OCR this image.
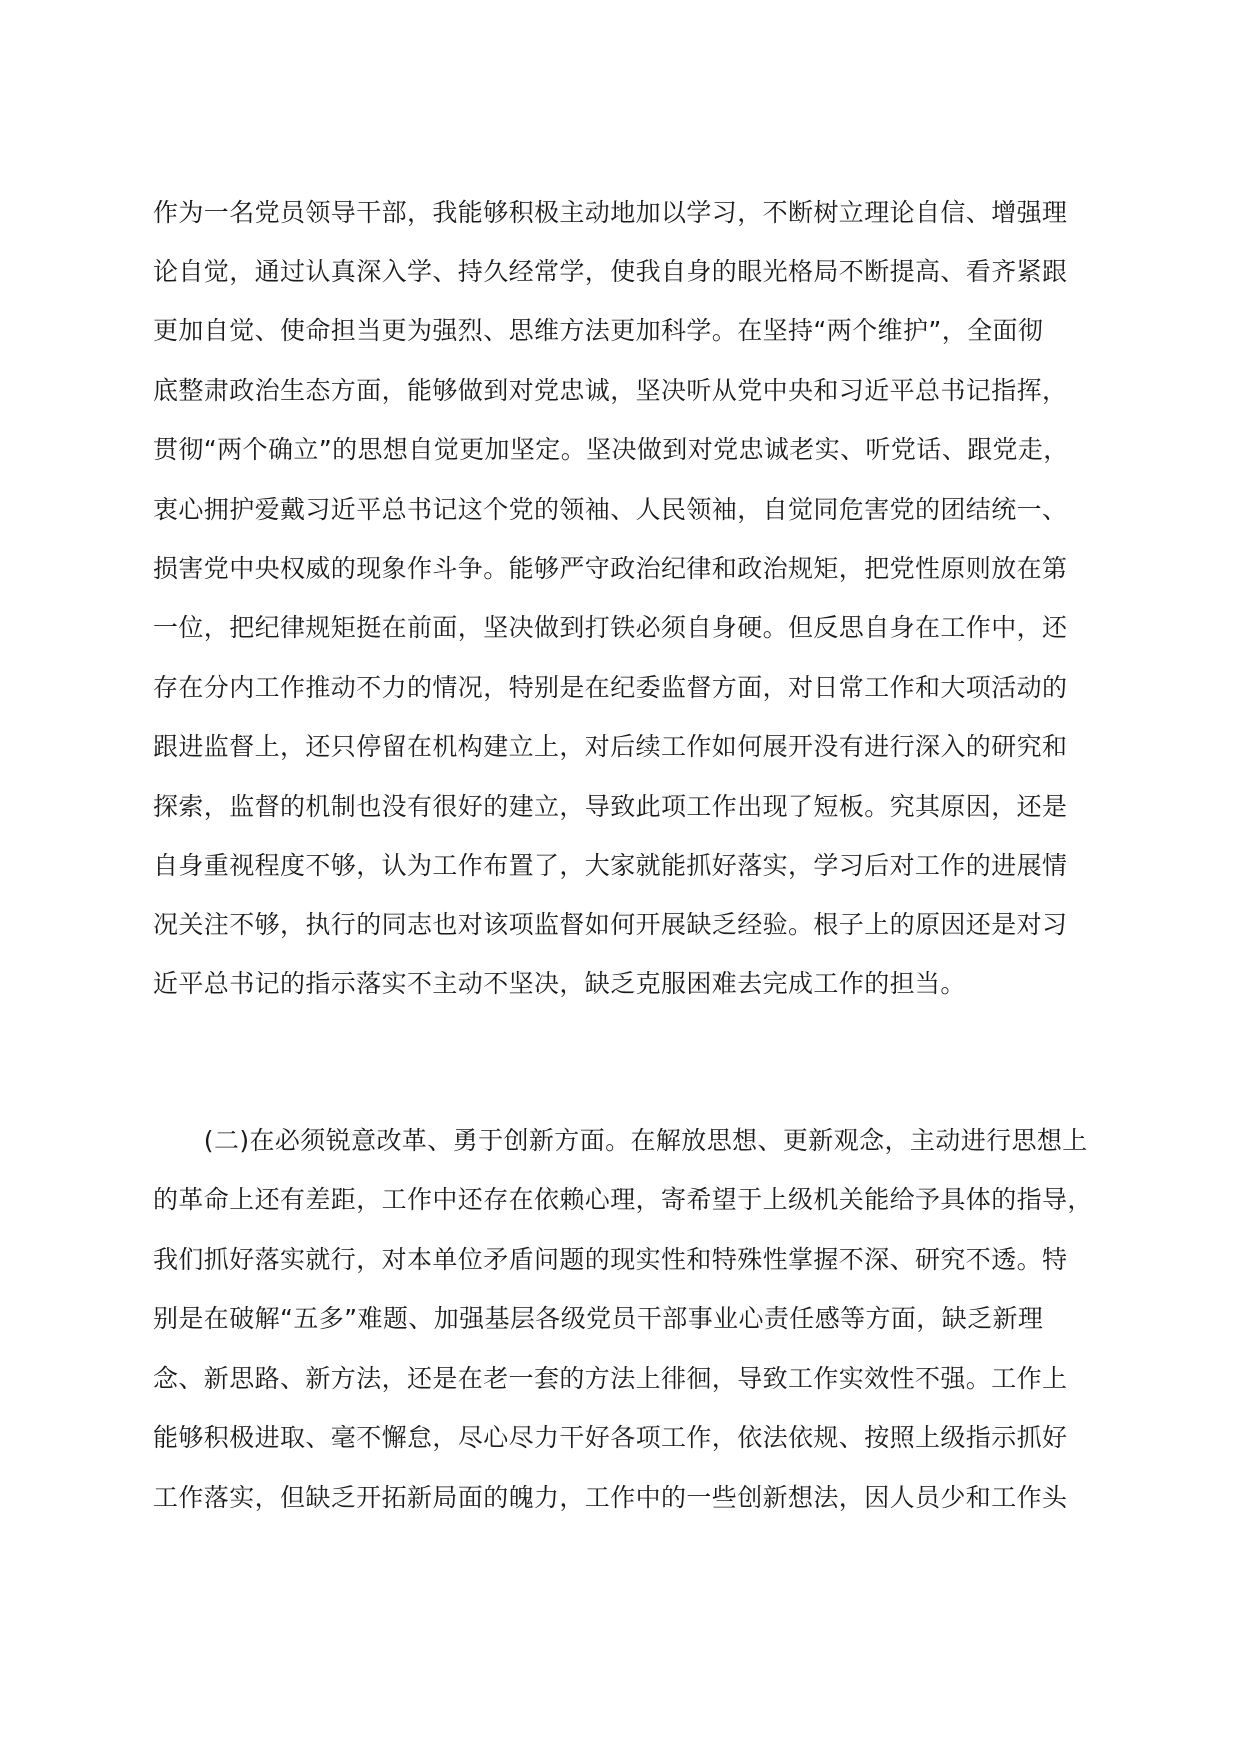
作为一名党员领导干部，我能够积极主动地加以学习，不断树立理论自信、增强理
论自觉，通过认真深入学、持久经常学，使我自身的眼光格局不断提高、看齐紧跟
更加自觉、使命担当更为强烈、思维方法更加科学。在坚持“两个维护”，全面彻
底整肃政治生态方面，能够做到对党忠诚，坚决听从党中央和习近平总书记指挥，
贯彻“两个确立”的思想自觉更加坚定。坚决做到对党忠诚老实、听党话、跟党走，
衷心拥护爱戴习近平总书记这个党的领袖、人民领袖，自觉同危害党的团结统一、
损害党中央权威的现象作斗争。能够严守政治纪律和政治规矩，把党性原则放在第
一位，把纪律规矩挺在前面，坚决做到打铁必须自身硬。但反思自身在工作中，还
存在分内工作推动不力的情况，特别是在纪委监督方面，对日常工作和大项活动的
跟进监督上，还只停留在机构建立上，对后续工作如何展开没有进行深入的研究和
探索，监督的机制也没有很好的建立，导致此项工作出现了短板。究其原因，还是
自身重视程度不够，认为工作布置了，大家就能抓好落实，学习后对工作的进展情
况关注不够，执行的同志也对该项监督如何开展缺乏经验。根子上的原因还是对习
近平总书记的指示落实不主动不坚决，缺乏克服困难去完成工作的担当。
　　(二)在必须锐意改革、勇于创新方面。在解放思想、更新观念，主动进行思想上
的革命上还有差距，工作中还存在依赖心理，寄希望于上级机关能给予具体的指导，
我们抓好落实就行，对本单位矛盾问题的现实性和特殊性掌握不深、研究不透。特
别是在破解“五多”难题、加强基层各级党员干部事业心责任感等方面，缺乏新理
念、新思路、新方法，还是在老一套的方法上徘徊，导致工作实效性不强。工作上
能够积极进取、毫不懈怠，尽心尽力干好各项工作，依法依规、按照上级指示抓好
工作落实，但缺乏开拓新局面的魄力，工作中的一些创新想法，因人员少和工作头
